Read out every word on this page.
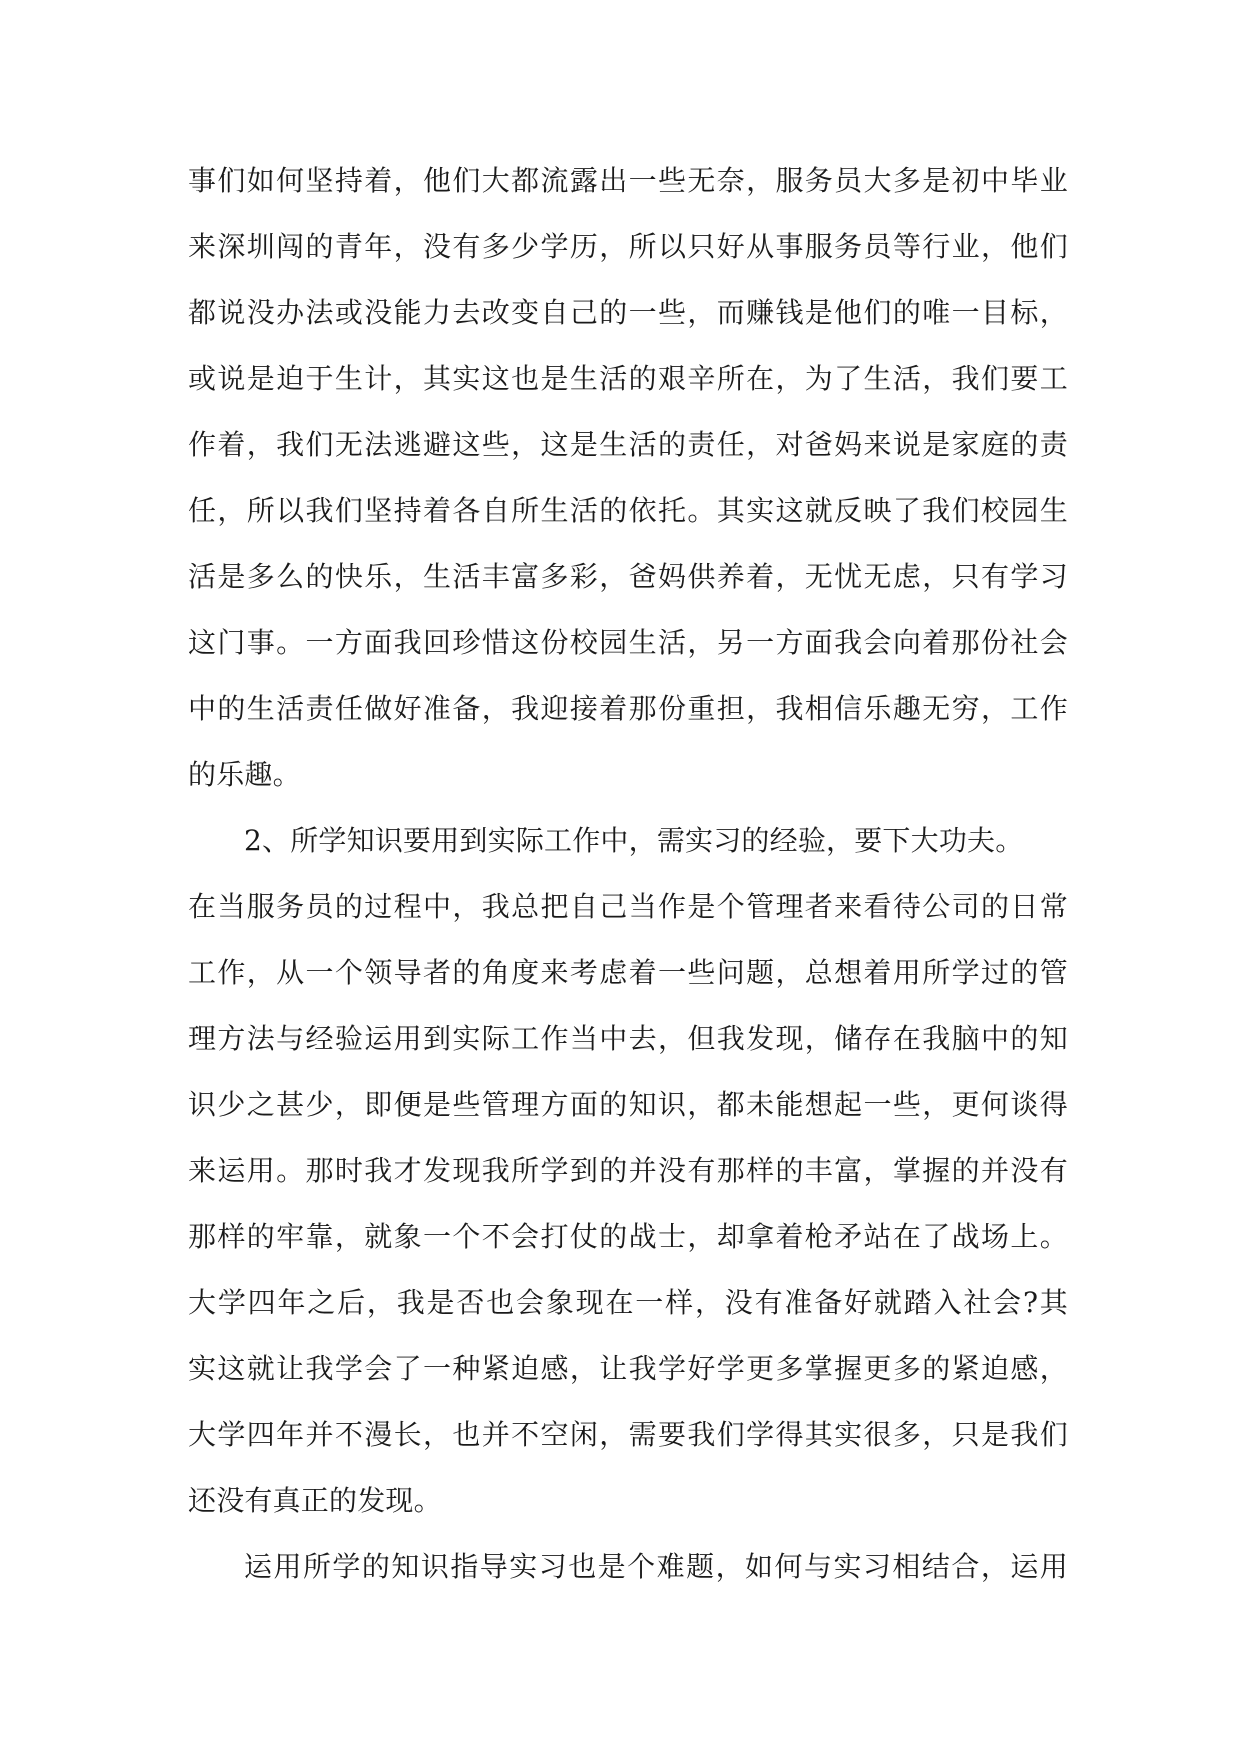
事们如何坚持着，他们大都流露出一些无奈，服务员大多是初中毕业
来深圳闯的青年，没有多少学历，所以只好从事服务员等行业，他们
都说没办法或没能力去改变自己的一些，而赚钱是他们的唯一目标，
或说是迫于生计，其实这也是生活的艰辛所在，为了生活，我们要工
作着，我们无法逃避这些，这是生活的责任，对爸妈来说是家庭的责
任，所以我们坚持着各自所生活的依托。其实这就反映了我们校园生
活是多么的快乐，生活丰富多彩，爸妈供养着，无忧无虑，只有学习
这门事。一方面我回珍惜这份校园生活，另一方面我会向着那份社会
中的生活责任做好准备，我迎接着那份重担，我相信乐趣无穷，工作
的乐趣。
2、所学知识要用到实际工作中，需实习的经验，要下大功夫。
在当服务员的过程中，我总把自己当作是个管理者来看待公司的日常
工作，从一个领导者的角度来考虑着一些问题，总想着用所学过的管
理方法与经验运用到实际工作当中去，但我发现，储存在我脑中的知
识少之甚少，即便是些管理方面的知识，都未能想起一些，更何谈得
来运用。那时我才发现我所学到的并没有那样的丰富，掌握的并没有
那样的牢靠，就象一个不会打仗的战士，却拿着枪矛站在了战场上。
大学四年之后，我是否也会象现在一样，没有准备好就踏入社会?其
实这就让我学会了一种紧迫感，让我学好学更多掌握更多的紧迫感，
大学四年并不漫长，也并不空闲，需要我们学得其实很多，只是我们
还没有真正的发现。
运用所学的知识指导实习也是个难题，如何与实习相结合，运用
